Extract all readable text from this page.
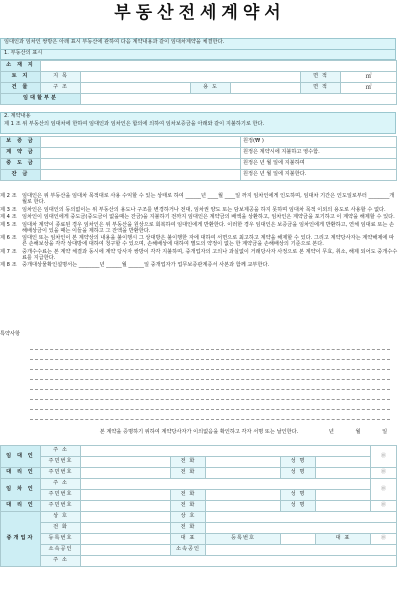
부동산전세계약서
임대인과 임차인 쌍방은 아래 표시 부동산에 관하여 다음 계약내용과 같이 임대차계약을 체결한다.
1. 부동산의 표시
소 재 지						
토 지	지 목				면 적	㎡
건 물	구 조		용 도		면 적	㎡
임대할부분						
2. 계약내용
제 1 조 위 부동산의 임대차에 한하여 임대인과 임차인은 합의에 의하여 임차보증금을 아래와 같이 지불하기로 한다.
보 증 금		원정(₩ )
계 약 금		원정은 계약시에 지불하고 영수함.
중 도 금		원정은 년 월 일에 지불하며
잔 금		원정은 년 월 일에 지불한다.
제 2 조	임대인은 위 부동산을 임대차 목적대로 사용 수익할 수 있는 상태로 하여 ______년 ____월 ____일 까지 임차인에게 인도하며, 임대차 기간은 인도일로부터 ________개월로 한다.
제 3 조	임차인은 임대인의 동의없이는 위 부동산의 용도나 구조를 변경하거나 전대, 임차권 양도 또는 담보제공을 하지 못하며 임대차 목적 이외의 용도로 사용할 수 없다.
제 4 조	임차인이 임대인에게 중도금(중도금이 없을때는 잔금)을 지불하기 전까지 임대인은 계약금의 배액을 상환하고, 임차인은 계약금을 포기하고 이 계약을 해제할 수 있다.
제 5 조	임대차 계약이 종료된 경우 임차인은 위 부동산을 원상으로 회복하여 임대인에게 반환한다. 이러한 경우 임대인은 보증금을 임차인에게 반환하고, 연체 임대료 또는 손해배상금이 있을 때는 이들을 제하고 그 잔액을 반환한다.
제 6 조	임대인 또는 임차인이 본 계약상의 내용을 불이행시 그 상대방은 불이행한 자에 대하여 서면으로 최고하고 계약을 해제할 수 있다. 그리고 계약당사자는 계약해제에 따른 손해보상을 각각 상대방에 대하여 청구할 수 있으며, 손해배상에 대하여 별도의 약정이 없는 한 계약금을 손해배상의 기준으로 본다.
제 7 조	중개수수료는 본 계약 체결과 동시에 계약 당사자 쌍방이 각각 지불하며, 중개업자의 고의나 과실없이 거래당사자 사정으로 본 계약이 무효, 취소, 해제 되어도 중개수수료를 지급한다.
제 8 조	중개대상물확인설명서는 ________년 ______월 ______일 중개업자가 업무보증관계증서 사본과 함께 교부한다.
특약사항
본 계약을 증명하기 위하여 계약당사자가 이의없음을 확인하고 각자 서명 또는 날인한다.	년	월	일
임 대 인	주 소						㊞
	주민번호		전 화		성 명		
대 리 인	주민번호		전 화		성 명		㊞
임 차 인	주 소						㊞
	주민번호		전 화		성 명		
대 리 인	주민번호		전 화		성 명		㊞
중개업자	상 호		상 호				
	전 화		전 화				
	등록번호		대 표	등록번호		대 표	㊞
	소속공인		소속공인				
	주 소						
